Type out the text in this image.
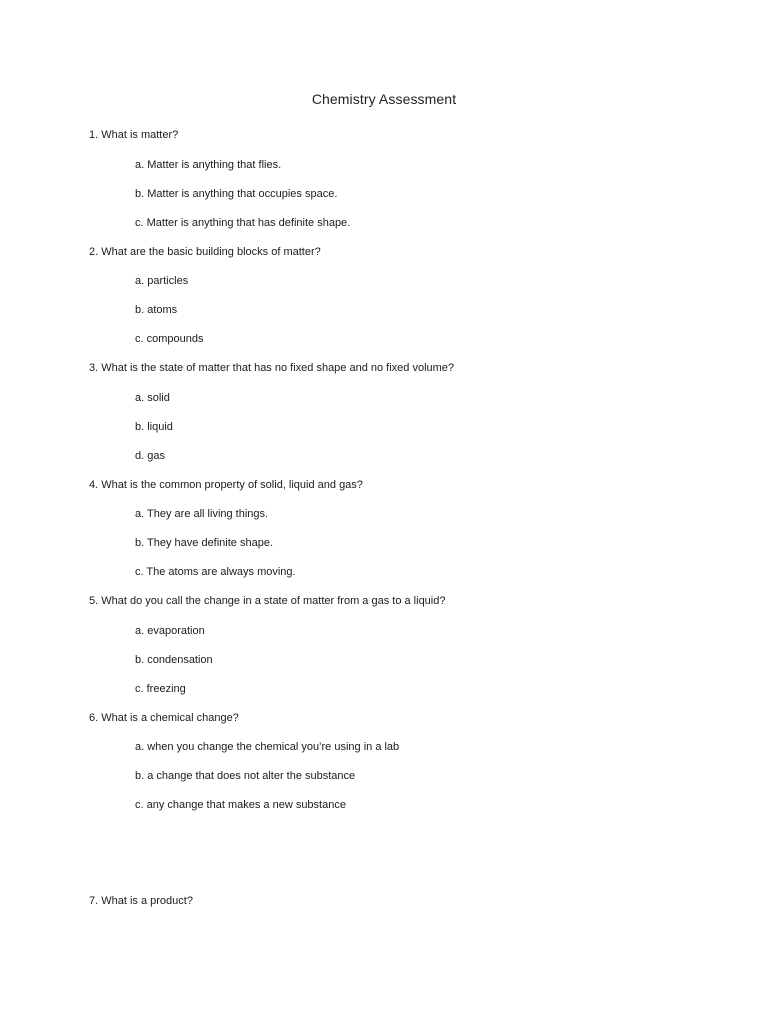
Chemistry Assessment
1. What is matter?
a. Matter is anything that flies.
b. Matter is anything that occupies space.
c. Matter is anything that has definite shape.
2. What are the basic building blocks of matter?
a. particles
b. atoms
c. compounds
3. What is the state of matter that has no fixed shape and no fixed volume?
a. solid
b. liquid
d. gas
4. What is the common property of solid, liquid and gas?
a. They are all living things.
b. They have definite shape.
c. The atoms are always moving.
5. What do you call the change in a state of matter from a gas to a liquid?
a. evaporation
b. condensation
c. freezing
6. What is a chemical change?
a. when you change the chemical you’re using in a lab
b. a change that does not alter the substance
c. any change that makes a new substance
7. What is a product?
